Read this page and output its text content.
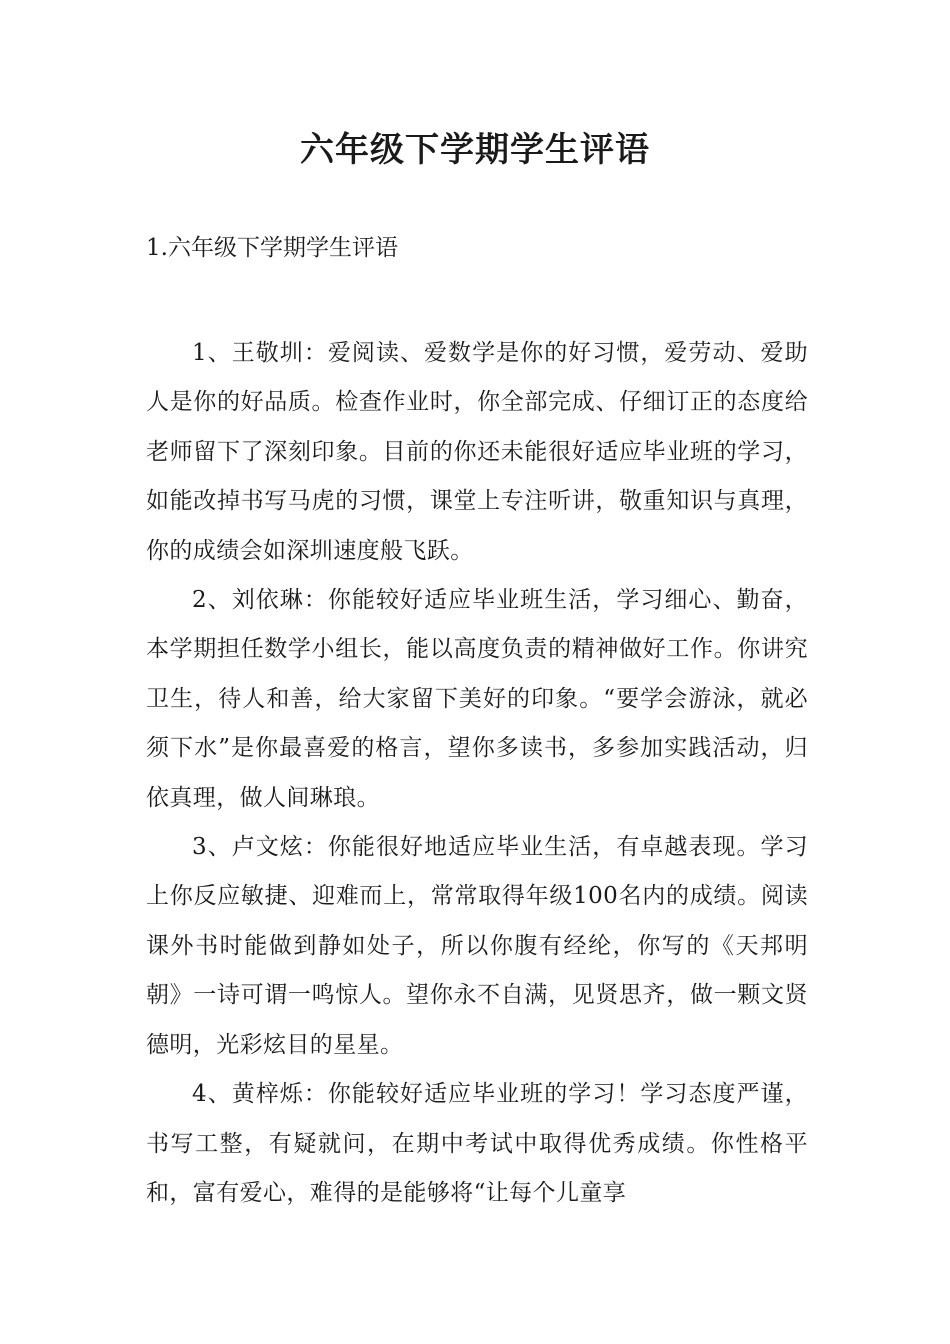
六年级下学期学生评语

1.六年级下学期学生评语

1、王敬圳：爱阅读、爱数学是你的好习惯，爱劳动、爱助人是你的好品质。检查作业时，你全部完成、仔细订正的态度给老师留下了深刻印象。目前的你还未能很好适应毕业班的学习，如能改掉书写马虎的习惯，课堂上专注听讲，敬重知识与真理，你的成绩会如深圳速度般飞跃。

2、刘依琳：你能较好适应毕业班生活，学习细心、勤奋，本学期担任数学小组长，能以高度负责的精神做好工作。你讲究卫生，待人和善，给大家留下美好的印象。“要学会游泳，就必须下水”是你最喜爱的格言，望你多读书，多参加实践活动，归依真理，做人间琳琅。

3、卢文炫：你能很好地适应毕业生活，有卓越表现。学习上你反应敏捷、迎难而上，常常取得年级100名内的成绩。阅读课外书时能做到静如处子，所以你腹有经纶，你写的《天邦明朝》一诗可谓一鸣惊人。望你永不自满，见贤思齐，做一颗文贤德明，光彩炫目的星星。

4、黄梓烁：你能较好适应毕业班的学习！学习态度严谨，书写工整，有疑就问，在期中考试中取得优秀成绩。你性格平和，富有爱心，难得的是能够将“让每个儿童享
